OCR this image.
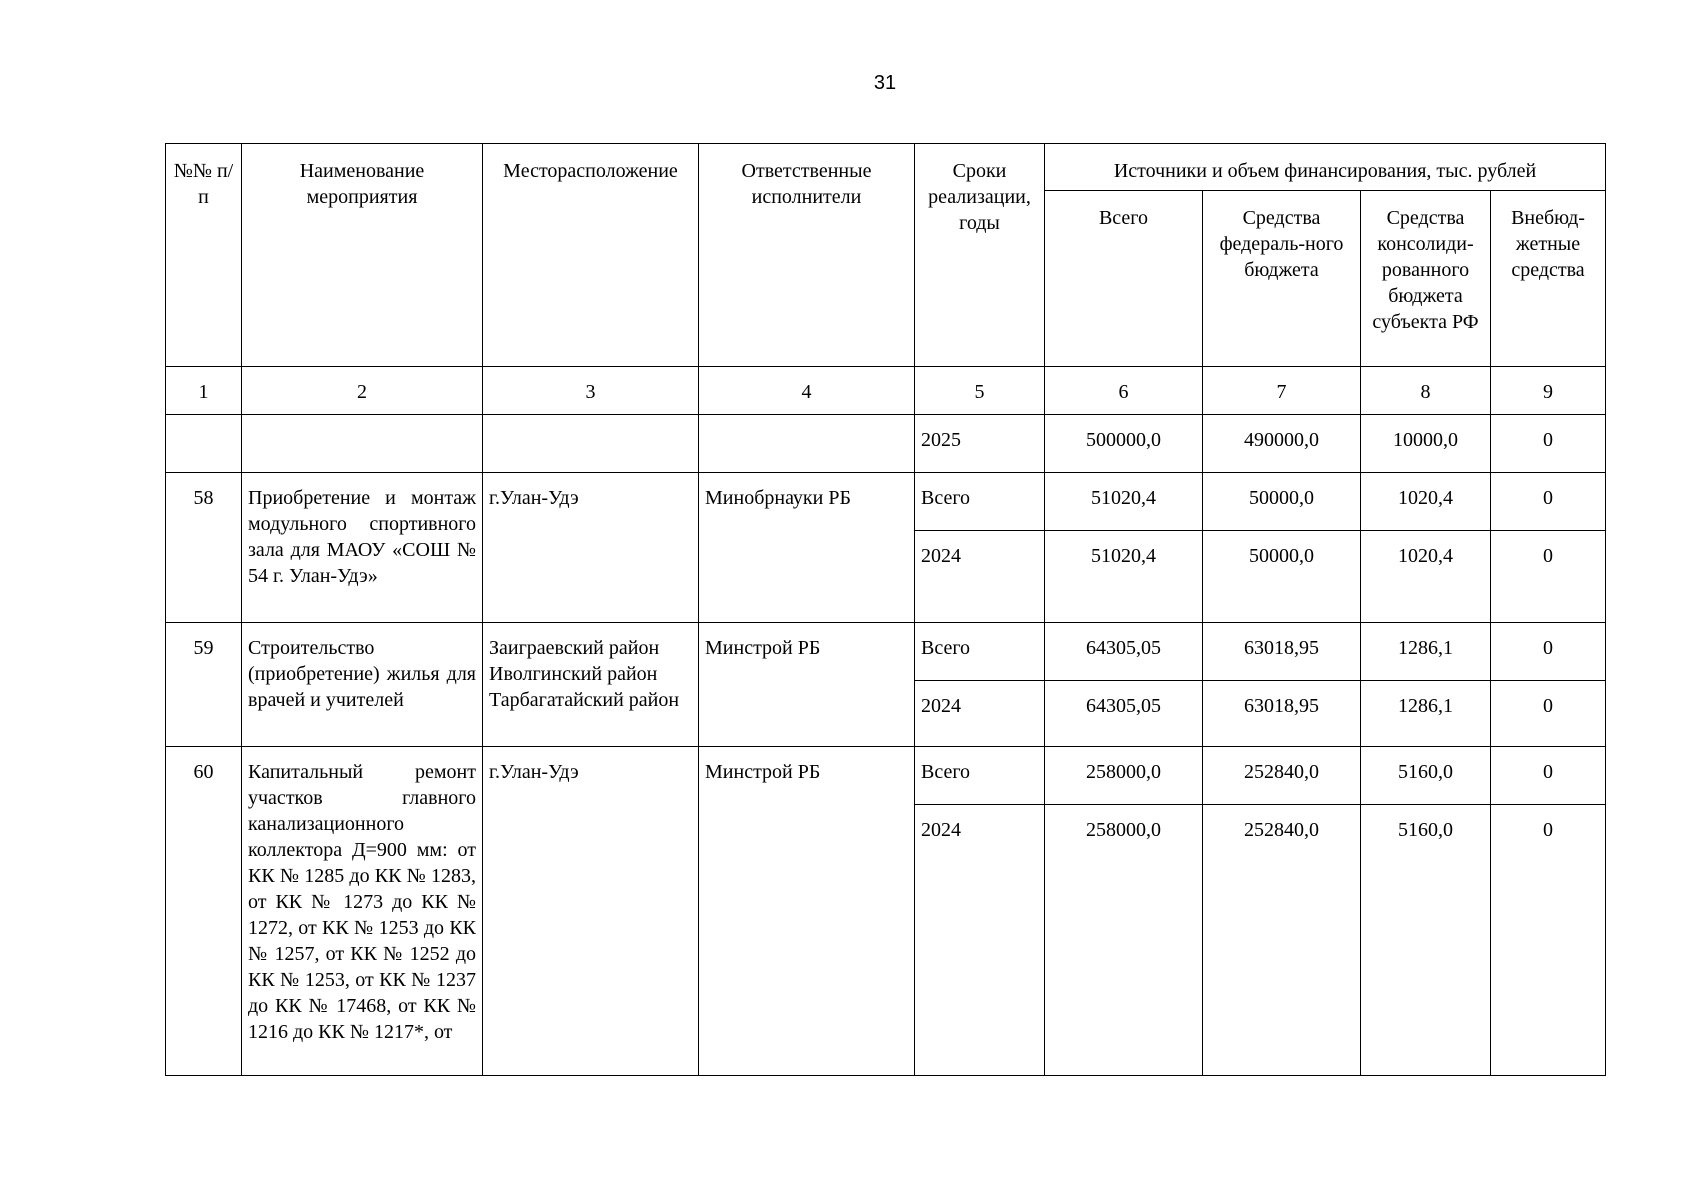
31
№№ п/п	Наименование мероприятия	Месторасположение	Ответственные исполнители	Сроки реализации, годы	Источники и объем финансирования, тыс. рублей			
					Всего	Средства федераль-ного бюджета	Средства консолиди-рованного бюджета субъекта РФ	Внебюд-жетные средства
1	2	3	4	5	6	7	8	9
				2025	500000,0	490000,0	10000,0	0
58	Приобретение и монтаж модульного спортивного зала для МАОУ «СОШ № 54 г. Улан-Удэ»	г.Улан-Удэ	Минобрнауки РБ	Всего	51020,4	50000,0	1020,4	0
				2024	51020,4	50000,0	1020,4	0
59	Строительство (приобретение) жилья для врачей и учителей	Заиграевский район Иволгинский район Тарбагатайский район	Минстрой РБ	Всего	64305,05	63018,95	1286,1	0
				2024	64305,05	63018,95	1286,1	0
60	Капитальный ремонт участков главного канализационного коллектора Д=900 мм: от КК № 1285 до КК № 1283, от КК № 1273 до КК № 1272, от КК № 1253 до КК № 1257, от КК № 1252 до КК № 1253, от КК № 1237 до КК № 17468, от КК № 1216 до КК № 1217*, от	г.Улан-Удэ	Минстрой РБ	Всего	258000,0	252840,0	5160,0	0
				2024	258000,0	252840,0	5160,0	0
